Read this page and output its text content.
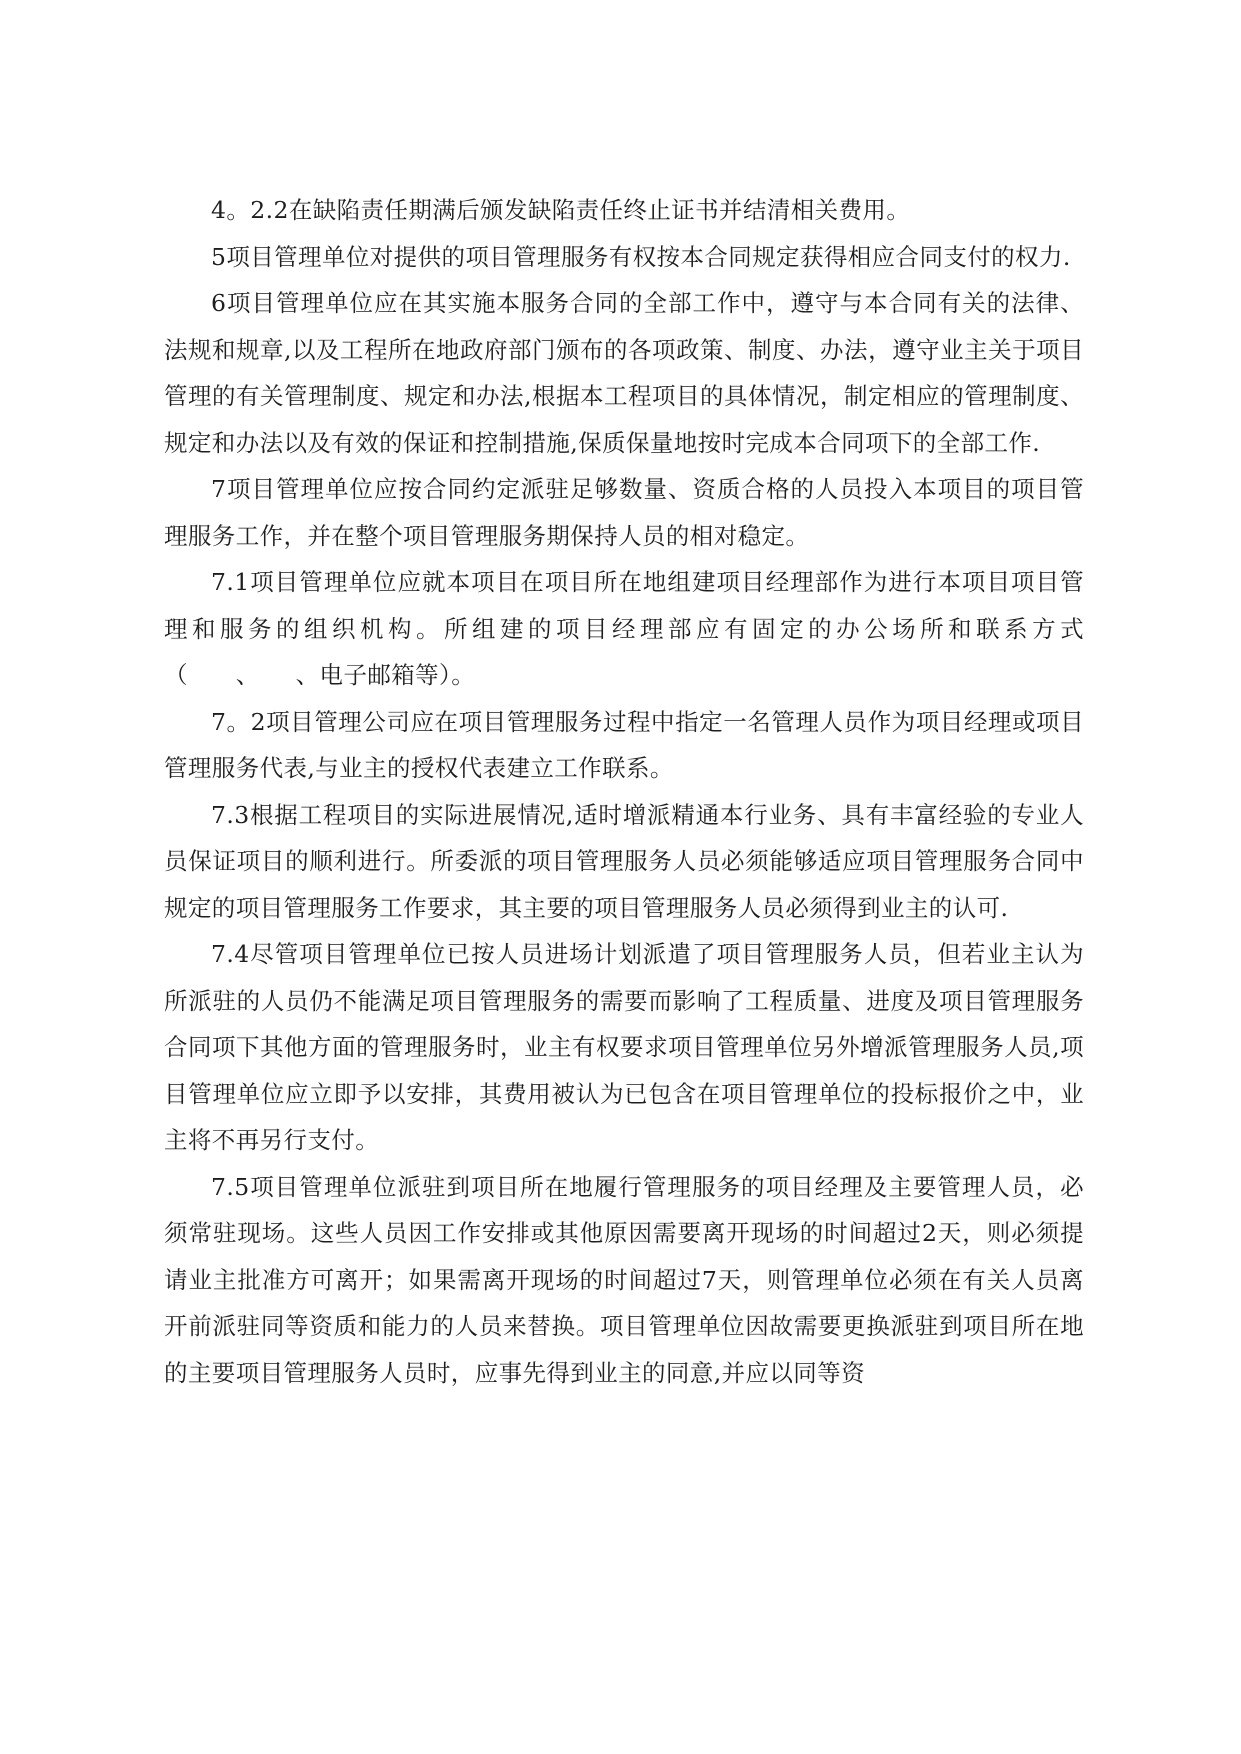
4。2.2在缺陷责任期满后颁发缺陷责任终止证书并结清相关费用。

5项目管理单位对提供的项目管理服务有权按本合同规定获得相应合同支付的权力.

6项目管理单位应在其实施本服务合同的全部工作中，遵守与本合同有关的法律、法规和规章,以及工程所在地政府部门颁布的各项政策、制度、办法，遵守业主关于项目管理的有关管理制度、规定和办法,根据本工程项目的具体情况，制定相应的管理制度、规定和办法以及有效的保证和控制措施,保质保量地按时完成本合同项下的全部工作.

7项目管理单位应按合同约定派驻足够数量、资质合格的人员投入本项目的项目管理服务工作，并在整个项目管理服务期保持人员的相对稳定。

7.1项目管理单位应就本项目在项目所在地组建项目经理部作为进行本项目项目管理和服务的组织机构。所组建的项目经理部应有固定的办公场所和联系方式（　　、　　、电子邮箱等）。

7。2项目管理公司应在项目管理服务过程中指定一名管理人员作为项目经理或项目管理服务代表,与业主的授权代表建立工作联系。

7.3根据工程项目的实际进展情况,适时增派精通本行业务、具有丰富经验的专业人员保证项目的顺利进行。所委派的项目管理服务人员必须能够适应项目管理服务合同中规定的项目管理服务工作要求，其主要的项目管理服务人员必须得到业主的认可.

7.4尽管项目管理单位已按人员进场计划派遣了项目管理服务人员，但若业主认为所派驻的人员仍不能满足项目管理服务的需要而影响了工程质量、进度及项目管理服务合同项下其他方面的管理服务时，业主有权要求项目管理单位另外增派管理服务人员,项目管理单位应立即予以安排，其费用被认为已包含在项目管理单位的投标报价之中，业主将不再另行支付。

7.5项目管理单位派驻到项目所在地履行管理服务的项目经理及主要管理人员，必须常驻现场。这些人员因工作安排或其他原因需要离开现场的时间超过2天，则必须提请业主批准方可离开；如果需离开现场的时间超过7天，则管理单位必须在有关人员离开前派驻同等资质和能力的人员来替换。项目管理单位因故需要更换派驻到项目所在地的主要项目管理服务人员时，应事先得到业主的同意,并应以同等资
